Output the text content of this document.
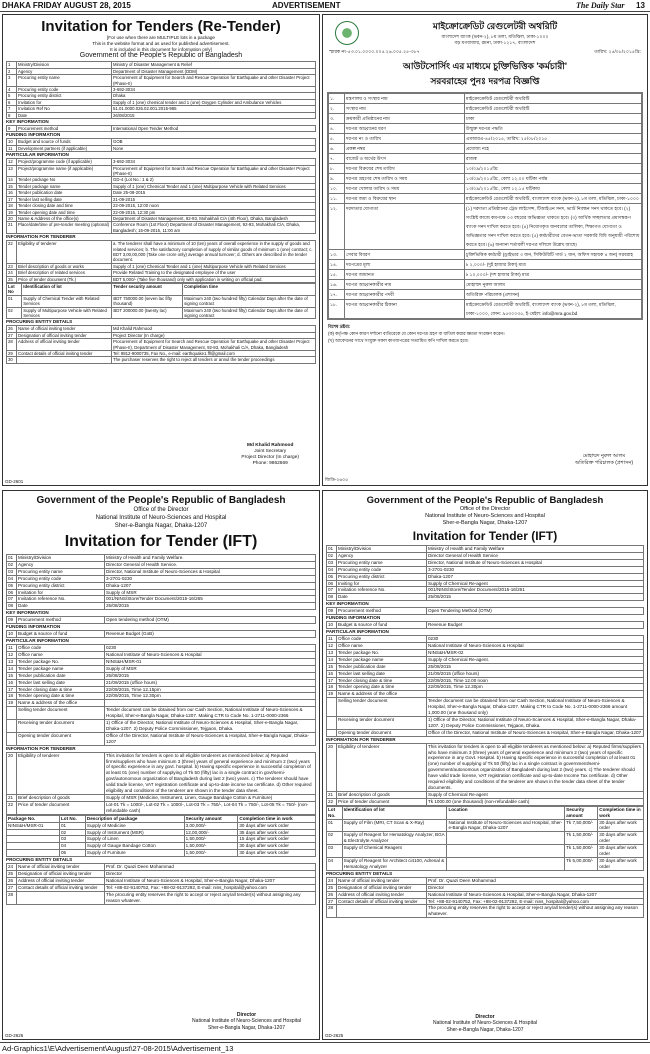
DHAKA FRIDAY AUGUST 28, 2015	ADVERTISEMENT	The Daily Star 13
Invitation for Tenders (Re-Tender)
[For use when there are MULTIPLE lots in a package
This is the website format and as used for published advertisement.
It is included in this document for information only]
Government of the People's Republic of Bangladesh
1	Ministry/Division	Ministry of Disaster Management & Relief
2	Agency	Department of Disaster Management (DDM)
3	Procuring entity name	Procurement of Equipment for Search and Rescue Operation for Earthquake and other Disaster Project (Phase-II)
4	Procuring entity code	3-692-3034
5	Procuring entity district	Dhaka
6	Invitation for	Supply of 1 (one) chemical tender and 1 (one) Oxygen Cylinder and Ambulance Vehicles
7	Invitation Ref No	51.01.0000.026.02.001.2015-985
8	Date	26/08/2015
KEY INFORMATION
9	Procurement method	International Open Tender Method
FUNDING INFORMATION
10	Budget and source of funds	GOB
11	Development partners (if applicable)	None
PARTICULAR INFORMATION
12	Project/programme code (if applicable)	3-692-3034
13	Project/programme name (if applicable)	Procurement of Equipment for Search and Rescue Operation for Earthquake and other Disaster Project (Phase-II)
14	Tender package No	GD-4 (Lot No.: 1 & 2)
15	Tender package name	Supply of 1 (one) Chemical Tender and 1 (one) Multipurpose Vehicle with Related Services
16	Tender publication date	Date 25-08-2015
17	Tender last selling date	21-09-2015
18	Tender closing date and time	22-09-2015, 12:00 noon
19	Tender opening date and time	22-09-2015, 12:30 pm
20	Name & Address of the office(s)	Department of Disaster Management, 92-93, Mohakhali C/A (4th Floor), Dhaka, Bangladesh
21	Place/date/time of pre-tender meeting (optional)	Conference Room (1st Floor) Department of Disaster Management, 92-93, Mohakhali C/A, Dhaka, Bangladesh; 15-09-2015, 11:00 am
INFORMATION FOR TENDERER
22	Eligibility of tenderer	a. The tenderer shall have a minimum of 10 (ten) years of overall experience in the supply of goods and related services; b. The satisfactory completion of supply of similar goods of minimum 1 (one) contract; c. BDT 3,00,00,000 (Take one crore only) average annual turnover; d. Others are described in the tender document.
23	Brief description of goods or works	Supply of 1 (one) Chemical Tender and 1 (one) Multipurpose Vehicle with Related Services
24	Brief description of related services	Provide Related Training to the designated employee of the user
25	Price of tender document (Tk.)	BDT 5,000/- (Take five thousand) only with application in writing on official pad.
Lot No	Identification of lot	Tender security amount	Completion time
01	Supply of Chemical Tender with Related Services	BDT 750000.00 (seven lac fifty thousand)	Maximum 240 (two hundred fifty) Calendar Days after the date of signing contract
02	Supply of Multipurpose Vehicle with Related Services	BDT 200000.00 (twenty lac)	Maximum 240 (two hundred fifty) Calendar Days after the date of signing contract
PROCURING ENTITY DETAILS
26	Name of official inviting tender	Md Khalid Rahmood
27	Designation of official inviting tender	Project Director (In charge)
28	Address of official inviting tender	Procurement of Equipment for Search and Rescue Operation for Earthquake and other Disaster Project (Phase-II), Department of Disaster Management, 92-93, Mohakhali C/A, Dhaka, Bangladesh
29	Contact details of official inviting tender	Tel: 9812-9000735, Fax No., e-mail: earthquake1.ffl@gmail.com
30		The purchaser reserves the right to reject all tenders or annul the tender proceedings
Md Khalid Rahmood
Joint Secretary
Project Director (In charge)
Phone: 9862669
GD-2601
মাইক্রোক্রেডিট রেগুলেটরী অথরিটি
বাংলাদেশ ব্যাংক (ভবন-২), ৮ম তলা, মতিঝিল, ঢাকা-১০০০
বড় মগবাজার, রমনা, ঢাকা-১২১৭, বাংলাদেশ
স্মারক নং-৫৩.০১.০০০০.০০৫.২৬.০০৫.২৫-৩৮৭	তারিখ: ২৫/০৮/২০১৫খ্রি:
আউটসোর্সিং এর মাধ্যমে চুক্তিভিত্তিক 'কর্মচারী'
সরবরাহের পুনঃ দরপত্র বিজ্ঞপ্তি
১.	মন্ত্রণালয় ও সংস্থার নাম	মাইক্রোক্রেডিট রেগুলেটরী অথরিটি
২.	সংস্থার নাম	মাইক্রোক্রেডিট রেগুলেটরী অথরিটি
৩.	ক্রয়কারী প্রতিষ্ঠানের নাম	ঢাকা
৪.	দরপত্র আহ্বানের ধরণ	উন্মুক্ত দরপত্র পদ্ধতি
৫.	দরপত্র নং ও তারিখ	এমআরএ-৪৫/২০১৫, তারিখ: ২৫/০৮/২০১৫
৬.	প্রকল্প নম্বর	প্রযোজ্য নহে
৭.	বাজেট ও অর্থের উৎস	রাজস্ব
৮.	দরপত্র বিক্রয়ের শেষ তারিখ	১০/০৯/২০১৫খ্রি:
৯.	দরপত্র গ্রহণের শেষ তারিখ ও সময়	১৩/০৯/২০১৫খ্রি:, বেলা ১২.০০ ঘটিকা পর্যন্ত
১০.	দরপত্র খোলার তারিখ ও সময়	১৩/০৯/২০১৫খ্রি:, বেলা ১২.১৫ ঘটিকায়
১১.	দরপত্র জমা ও বিক্রয়ের স্থান	মাইক্রোক্রেডিট রেগুলেটরী অথরিটি, বাংলাদেশ ব্যাংক (ভবন-২), ৮ম তলা, মতিঝিল, ঢাকা-১০০০
১২.	দরদাতার যোগ্যতা	(১) দরদাতা প্রতিষ্ঠানের ট্রেড লাইসেন্স, টিআইএন সনদ, ভ্যাট নিবন্ধন সনদ থাকতে হবে। (২) সংশ্লিষ্ট কাজে কমপক্ষে ০৩ বছরের অভিজ্ঞতা থাকতে হবে। (৩) আর্থিক সচ্ছলতার প্রমাণস্বরূপ ব্যাংক সনদ দাখিল করতে হবে। (৪) নিয়োগকৃত জনবলের তালিকা, শিক্ষাগত যোগ্যতা ও অভিজ্ঞতার সনদ দাখিল করতে হবে। (৫) কর্মচারীদের বেতন-ভাতা সরকারি বিধি অনুযায়ী পরিশোধ করতে হবে। (৬) অন্যান্য শর্তাবলী দরপত্র দলিলে উল্লেখ আছে।
১৩.	সেবার বিবরণ	চুক্তিভিত্তিক কর্মচারী (ড্রাইভার ৩ জন, সিকিউরিটি গার্ড ২ জন, অফিস সহায়ক ৪ জন) সরবরাহ
১৪.	দরপত্রের মূল্য	৳ ২,০০০/- (দুই হাজার টাকা) মাত্র
১৫.	দরপত্র জামানত	৳ ১০,০০০/- (দশ হাজার টাকা) মাত্র
১৬.	দরপত্র আহ্বানকারীর নাম	মোহাম্মদ নুরুল আলম
১৭.	দরপত্র আহ্বানকারীর পদবী	অতিরিক্ত পরিচালক (প্রশাসন)
১৮.	দরপত্র আহ্বানকারীর ঠিকানা	মাইক্রোক্রেডিট রেগুলেটরী অথরিটি, বাংলাদেশ ব্যাংক (ভবন-২), ৮ম তলা, মতিঝিল, ঢাকা-১০০০, ফোন: ৯৫৩০০৩৫, ই-মেইল: info@mra.gov.bd
বিশেষ দ্রষ্টব্য:
(ক) কর্তৃপক্ষ কোন কারণ দর্শানো ব্যতিরেকে যে কোন দরপত্র গ্রহণ বা বাতিল করার ক্ষমতা সংরক্ষণ করেন।
(খ) আবেদনের সাথে সংযুক্ত সকল কাগজপত্রের সত্যায়িত কপি দাখিল করতে হবে।
মোহাম্মদ নুরুল আলম
অতিরিক্ত পরিচালক (প্রশাসন)
জিডি-২৬০৫
Government of the People's Republic of Bangladesh
Office of the Director
National Institute of Neuro-Sciences and Hospital
Sher-e-Bangla Nagar, Dhaka-1207
Invitation for Tender (IFT)
01	Ministry/Division	Ministry of Health and Family Welfare.
02	Agency	Director General of Health Service.
03	Procuring entity name	Director, National Institute of Neuro-Sciences & Hospital
04	Procuring entity code	3-2701-0230
05	Procuring entity district	Dhaka-1207
06	Invitation for	Supply of MSR
07	Invitation reference No.	001/NINS/Store/Tender Document/2015-16/265
08	Date	25/08/2015
KEY INFORMATION
09	Procurement method	Open tendering method (OTM)
FUNDING INFORMATION
10	Budget & source of fund	Revenue Budget (GoB)
PARTICULAR INFORMATION
11	Office code	0230
12	Office name	National Institute of Neuro-Sciences & Hospital
13	Tender package No.	NINS&H/MSR-01
14	Tender package name	Supply of MSR
15	Tender publication date	25/08/2015
16	Tender last selling date	21/09/2015 (office hours)
17	Tender closing date & time	22/09/2015, Time 12.15pm
18	Tender opening date & time	22/09/2015, Time 12.30pm
19	Name & address of the office	
	Selling tender document	Tender document can be obtained from our Cash Section, National Institute of Neuro-Sciences & Hospital, Sher-e-Bangla Nagar, Dhaka-1207. Making CTR to Code No. 1-2711-0000-2366
	Receiving tender document	1) Office of the Director, National Institute of Neuro-Sciences & Hospital, Sher-e-Bangla Nagar, Dhaka-1207. 2) Deputy Police Commissioner, Tejgaon, Dhaka.
	Opening tender document	Office of the Director, National Institute of Neuro-Sciences & Hospital, Sher-e-Bangla Nagar, Dhaka-1207
INFORMATION FOR TENDERER
20	Eligibility of tenderer	This invitation for tenders is open to all eligible tenderers as mentioned below: a) Reputed firms/suppliers who have minimum 3 (three) years of general experience and minimum 2 (two) years of specific experience in any govt. hospital. b) Having specific experience in successful completion of at least 01 (one) number of supplying of Tk 50 (fifty) lac in a single contract in govt/semi-govt/autonomous organization of Bangladesh during last 2 (two) years. c) The tenderer should have valid trade license, VAT registration certificate and up-to-date income tax certificate. d) Other required eligibility and conditions of the tenderer are shown in the tender data sheet.
21	Brief description of goods	Supply of MSR (Medicine, Instrument, Linen, Gauge Bandage Cotton & Furniture)
22	Price of tender document	Lot-01 Tk = 1000/-, Lot-02 Tk = 1000/-, Lot-03 Tk = 750/-, Lot-04 Tk = 750/-, Lot-05 Tk = 750/- (non-refundable cash)
Package No.	Lot No.	Description of package	Security amount	Completion time in work
NINS&H/MSR-01	01	Supply of Medicine	3,00,000/-	30 days after work order
	02	Supply of Instrument (MSR)	12,00,000/-	35 days after work order
	03	Supply of Linen	1,50,000/-	15 days after work order
	04	Supply of Gauge Bandage Cotton	1,50,000/-	30 days after work order
	05	Supply of Furniture	1,50,000/-	30 days after work order
PROCURING ENTITY DETAILS
24	Name of official inviting tender	Prof. Dr. Quazi Deen Mohammad
25	Designation of official inviting tender	Director
26	Address of official inviting tender	National Institute of Neuro-Sciences & Hospital, Sher-e-Bangla Nagar, Dhaka-1207
27	Contact details of official inviting tender	Tel: +88-02-9140752, Fax: +88-02-9137292, E-mail: nins_hospital@yahoo.com
28		The procuring entity reserves the right to accept or reject any/all tender(s) without assigning any reason whatever.
Director
National Institute of Neuro-Sciences and Hospital
Sher-e-Bangla Nagar, Dhaka-1207
GD-2626
Government of the People's Republic of Bangladesh
Office of the Director
National Institute of Neuro-Sciences and Hospital
Sher-e-Bangla Nagar, Dhaka-1207
Invitation for Tender (IFT)
01	Ministry/Division	Ministry of Health and Family Welfare
02	Agency	Director General of Health Service
03	Procuring entity name	Director, National Institute of Neuro-Sciences & Hospital
04	Procuring entity code	3-2701-0230
05	Procuring entity district	Dhaka-1207
06	Inviting for	Supply of Chemical Re-agent
07	Invitation reference No.	001/NINS/Store/Tender Document/2015-16/261
08	Date	25/08/2015
KEY INFORMATION
09	Procurement method	Open Tendering Method (OTM)
FUNDING INFORMATION
10	Budget & source of fund	Revenue Budget
PARTICULAR INFORMATION
11	Office code	0230
12	Office name	National Institute of Neuro-Sciences & Hospital
13	Tender package No.	NINS&H/MSR-02
14	Tender package name	Supply of Chemical Re-agent.
15	Tender publication date	25/08/2015
16	Tender last selling date	21/09/2015 (office hours)
17	Tender closing date & time	22/09/2015, Time 12.00 noon
18	Tender opening date & time	22/09/2015, Time 12.30pm
19	Name & address of the office	
	Selling tender document	Tender document can be obtained from our Cash Section, National Institute of Neuro-Sciences & Hospital, Sher-e-Bangla Nagar, Dhaka-1207. Making CTR to Code No. 1-2711-0000-2366 amount 1,000.00 (one thousand only)
	Receiving tender document	1) Office of the Director, National Institute of Neuro-Sciences & Hospital, Sher-e-Bangla Nagar, Dhaka-1207. 2) Deputy Police Commissioner, Tejgaon, Dhaka.
	Opening tender document	Office of the Director, National Institute of Neuro-Sciences & Hospital, Sher-e-Bangla Nagar, Dhaka-1207
INFORMATION FOR TENDERER
20	Eligibility of tenderer	This invitation for tenders is open to all eligible tenderers as mentioned below: a) Reputed firms/suppliers who have minimum 3 (three) years of general experience and minimum 2 (two) years of specific experience in any Govt. Hospital. b) Having specific experience in successful completion of at least 01 (one) number of supplying of Tk 50 (fifty) lac in a single contract in government/semi-government/autonomous organization of Bangladesh during last 2 (two) years. c) The tenderer should have valid trade license, VAT registration certificate and up-to-date Income Tax certificate. d) Other required eligibility and conditions of the tenderer are shown in the tender data sheet of the tender documents.
21	Brief description of goods	Supply of Chemical Re-agent
22	Price of tender document	Tk 1000.00 (one thousand) (non-refundable cash)
Lot No.	Identification of lot	Location	Security amount	Completion time in work
01	Supply of Film (MRI, CT Scan & X-Ray)	National Institute of Neuro-Sciences and Hospital, Sher-e-Bangla Nagar, Dhaka-1207	Tk 7,50,000/-	30 days after work order
02	Supply of Reagent for Hematology Analyzer, BGA & Electrolyte Analyzer		Tk 1,50,000/-	30 days after work order
03	Supply of Chemical Reagent		Tk 1,50,000/-	30 days after work order
04	Supply of Reagent for Architect ci4100, Adrenal & Hematology Analyzer		Tk 5,00,000/-	30 days after work order
PROCURING ENTITY DETAILS
24	Name of official inviting tender	Prof. Dr. Quazi Deen Mohammad
25	Designation of official inviting tender	Director
26	Address of official inviting tender	National Institute of Neuro-Sciences & Hospital, Sher-e-Bangla Nagar, Dhaka-1207
27	Contact details of official inviting tender	Tel: +88-02-9140752, Fax: +88-02-9137292, E-mail: nins_hospital@yahoo.com
28		The procuring entity reserves the right to accept or reject any/all tender(s) without assigning any reason whatever.
Director
National Institute of Neuro-Sciences & Hospital
Sher-e-Bangla Nagar, Dhaka-1207
GD-2625
Ad-Graphics1\E\Advertisement\August\27-08-2015\Advertisement_13
